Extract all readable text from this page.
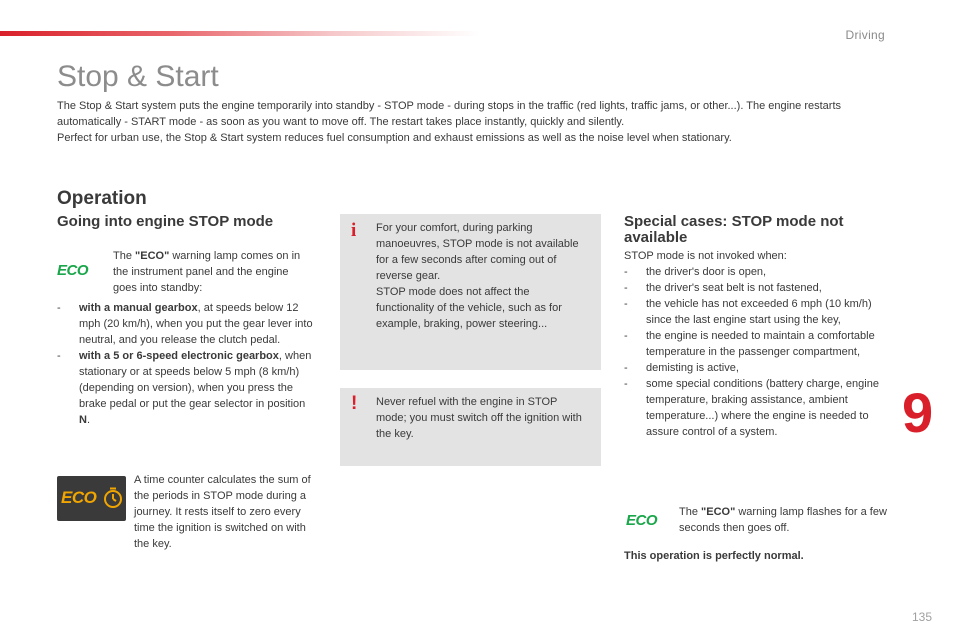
Driving
Stop & Start

The Stop & Start system puts the engine temporarily into standby - STOP mode - during stops in the traffic (red lights, traffic jams, or other...). The engine restarts automatically - START mode - as soon as you want to move off. The restart takes place instantly, quickly and silently.

Perfect for urban use, the Stop & Start system reduces fuel consumption and exhaust emissions as well as the noise level when stationary.

Operation
Going into engine STOP mode
ECO
The "ECO" warning lamp comes on in the instrument panel and the engine goes into standby:
- with a manual gearbox, at speeds below 12 mph (20 km/h), when you put the gear lever into neutral, and you release the clutch pedal.
- with a 5 or 6-speed electronic gearbox, when stationary or at speeds below 5 mph (8 km/h) (depending on version), when you press the brake pedal or put the gear selector in position N.
ECO
A time counter calculates the sum of the periods in STOP mode during a journey. It rests itself to zero every time the ignition is switched on with the key.
i For your comfort, during parking manoeuvres, STOP mode is not available for a few seconds after coming out of reverse gear.

STOP mode does not affect the functionality of the vehicle, such as for example, braking, power steering...

! Never refuel with the engine in STOP mode; you must switch off the ignition with the key.

Special cases: STOP mode not available

STOP mode is not invoked when:

- the driver's door is open,
- the driver's seat belt is not fastened,
- the vehicle has not exceeded 6 mph (10 km/h) since the last engine start using the key,
- the engine is needed to maintain a comfortable temperature in the passenger compartment,
- demisting is active,
- some special conditions (battery charge, engine temperature, braking assistance, ambient temperature...) where the engine is needed to assure control of a system.
ECO The "ECO" warning lamp flashes for a few seconds then goes off.
This operation is perfectly normal.
9
135
